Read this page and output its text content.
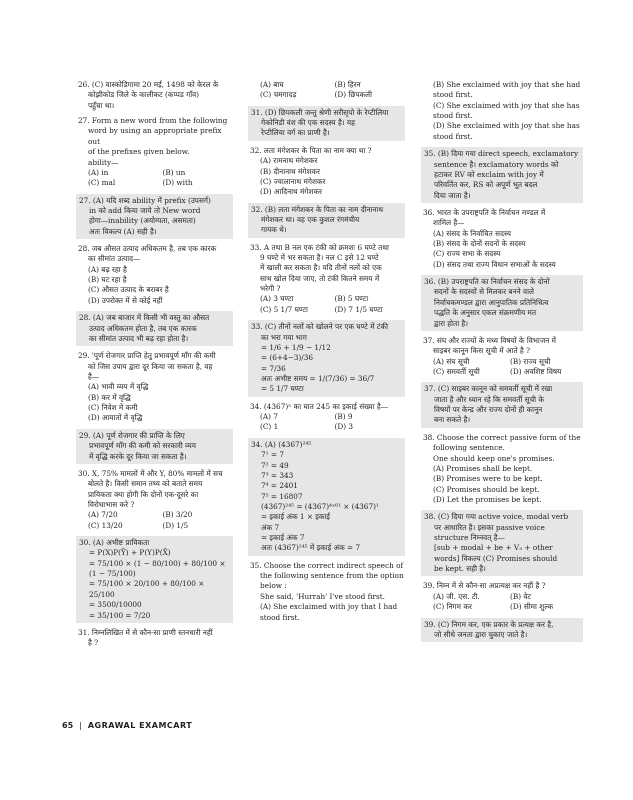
26. (C) वास्कोडिगामा 20 मई, 1498 को केरल के
कोझीकोड जिले के कालीकट (कप्पड गाँव)
पहुँचा था।
27. Form a new word from the following
word by using an appropriate prefix out
of the prefixes given below.
ability—
(A) in	(B) un
(C) mal	(D) with
27. (A) यदि शब्द ability में prefix (उपसर्ग)
in को add किया जाये तो New word
होगा—inability (अयोग्यता, असमता)
अतः विकल्प (A) सही है।
28. जब औसत उत्पाद अधिकतम है, तब एक कारक
का सीमांत उत्पाद—
(A) बढ़ रहा है
(B) घट रहा है
(C) औसत उत्पाद के बराबर है
(D) उपरोक्त में से कोई नहीं
28. (A) जब बाजार में किसी भी वस्तु का औसत
उत्पाद अधिकतम होता है, तब एक कारक
का सीमांत उत्पाद भी बढ़ रहा होता है।
29. 'पूर्ण रोजगार प्राप्ति हेतु प्रभावपूर्ण माँग की कमी
को जिस उपाय द्वारा दूर किया जा सकता है, वह
है—
(A) भावी व्यय में वृद्धि
(B) कर में वृद्धि
(C) निवेश में कमी
(D) आयातों में वृद्धि
29. (A) पूर्ण रोजगार की प्राप्ति के लिए
प्रभावपूर्ण माँग की कमी को सरकारी व्यय
में वृद्धि करके दूर किया जा सकता है।
30. X, 75% मामलों में और Y, 80% मामलों में सच
बोलते है। किसी समान तथ्य को बताते समय
प्रायिकता क्या होगी कि दोनों एक-दूसरे का
विरोधाभास करे ?
(A) 7/20	(B) 3/20
(C) 13/20	(D) 1/5
30. (A) अभीष्ट प्रायिकता
= P(X)P(Ȳ) + P(Y)P(X̄)
= 75/100 × (1 − 80/100) + 80/100 × (1 − 75/100)
= 75/100 × 20/100 + 80/100 × 25/100
= 3500/10000
= 35/100 = 7/20
31. निम्नलिखित में से कौन-सा प्राणी स्तनधारी नहीं
है ?
(A) बाघ	(B) हिरन
(C) चमगादड़	(D) छिपकली
31. (D) छिपकली जन्तु श्रेणी सरीसृपो के रेप्टीलिया
गेकोनिडी वंश की एक सदस्य है। यह
रेप्टीलिया वर्ग का प्राणी है।
32. लता मंगेशकर के पिता का नाम क्या था ?
(A) रामनाथ मंगेशकर
(B) दीनानाथ मंगेशकर
(C) ज्वालानाथ मंगेशकर
(D) आदिनाथ मंगेशकर
32. (B) लता मंगेशकर के पिता का नाम दीनानाथ
मंगेशकर था। वह एक कुशल रंगमंचीय
गायक थे।
33. A तथा B नल एक टंकी को क्रमशः 6 घण्टे तथा
9 घण्टे में भर सकता है। नल C इसे 12 घण्टे
में खाली कर सकता है। यदि तीनों नलों को एक
साथ खोल दिया जाए, तो टंकी कितने समय में
भरेगी ?
(A) 3 घण्टा	(B) 5 घण्टा
(C) 5 1/7 घण्टा	(D) 7 1/5 घण्टा
33. (C) तीनों नलों को खोलने पर एक घण्टे में टंकी
का भरा गया भाग
= 1/6 + 1/9 − 1/12
= (6+4−3)/36
= 7/36
अतः अभीष्ट समय = 1/(7/36) = 36/7
= 5 1/7 घण्टा
34. (4367)ⁿ का घात 245 का इकाई संख्या है—
(A) 7	(B) 9
(C) 1	(D) 3
34. (A) (4367)²⁴⁵
7¹ = 7
7² = 49
7³ = 343
7⁴ = 2401
7⁵ = 16807
(4367)²⁴⁵ = (4367)⁴ˣ⁶¹ × (4367)¹
= इकाई अंक 1 × इकाई
अंक 7
= इकाई अंक 7
अतः (4367)²⁴⁵ में इकाई अंक = 7
35. Choose the correct indirect speech of
the following sentence from the option
below :
She said, 'Hurrah' I've stood first.
(A) She exclaimed with joy that I had
stood first.
(B) She exclaimed with joy that she had
stood first.
(C) She exclaimed with joy that she has
stood first.
(D) She exclaimed with joy that she has
stood first.
35. (B) दिया गया direct speech, exclamatory
sentence है। exclamatory words को
हटाकर RV को exclaim with joy में
परिवर्तित कर, RS को अपूर्ण भूत बदल
दिया जाता है।
36. भारत के उपराष्ट्रपति के निर्वाचन मण्डल में
शामिल है—
(A) संसद के निर्वाचित सदस्य
(B) संसद के दोनों सदनों के सदस्य
(C) राज्य सभा के सदस्य
(D) संसद तथा राज्य विधान सभाओं के सदस्य
36. (B) उपराष्ट्रपति का निर्वाचन संसद के दोनों
सदनों के सदस्यों से मिलकर बनने वाले
निर्वाचकमण्डल द्वारा आनुपातिक प्रतिनिधित्व
पद्धति के अनुसार एकल संक्रमणीय मत
द्वारा होता है।
37. संघ और राज्यों के मध्य विषयों के विभाजन में
साइबर कानून किस सूची में आते है ?
(A) संघ सूची	(B) राज्य सूची
(C) समवर्ती सूची	(D) अवशिष्ट विषय
37. (C) साइबर कानून को समवर्ती सूची में रखा
जाता है और ध्यान रहे कि समवर्ती सूची के
विषयों पर केन्द्र और राज्य दोनों ही कानून
बना सकते है।
38. Choose the correct passive form of the
following sentence.
One should keep one's promises.
(A) Promises shall be kept.
(B) Promises were to be kept.
(C) Promises should be kept.
(D) Let the promises be kept.
38. (C) दिया गया active voice, modal verb
पर आधारित है। इसका passive voice
structure निम्नवत् है—
[sub + modal + be + V₃ + other
words] विकल्प (C) Promises should
be kept. सही है।
39. निम्न में से कौन-सा अप्रत्यक्ष कर नहीं है ?
(A) जी. एस. टी.	(B) वेट
(C) निगम कर	(D) सीमा शुल्क
39. (C) निगम कर, एक प्रकार के प्रत्यक्ष कर है,
जो सीधे जनता द्वारा चुकाए जाते है।
65 | AGRAWAL EXAMCART
